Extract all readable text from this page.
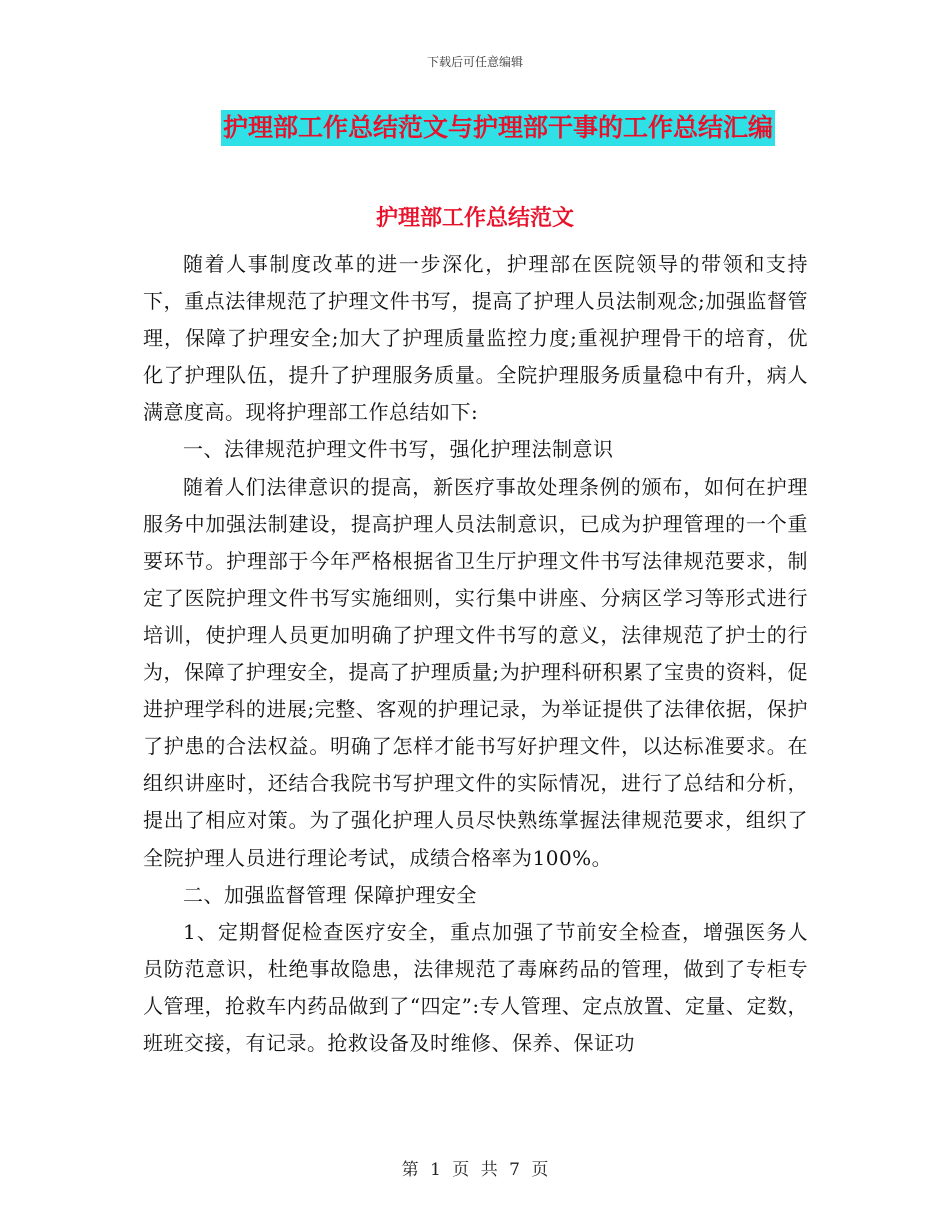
下载后可任意编辑
护理部工作总结范文与护理部干事的工作总结汇编
护理部工作总结范文

随着人事制度改革的进一步深化，护理部在医院领导的带领和支持下，重点法律规范了护理文件书写，提高了护理人员法制观念;加强监督管理，保障了护理安全;加大了护理质量监控力度;重视护理骨干的培育，优化了护理队伍，提升了护理服务质量。全院护理服务质量稳中有升，病人满意度高。现将护理部工作总结如下:

一、法律规范护理文件书写，强化护理法制意识

随着人们法律意识的提高，新医疗事故处理条例的颁布，如何在护理服务中加强法制建设，提高护理人员法制意识，已成为护理管理的一个重要环节。护理部于今年严格根据省卫生厅护理文件书写法律规范要求，制定了医院护理文件书写实施细则，实行集中讲座、分病区学习等形式进行培训，使护理人员更加明确了护理文件书写的意义，法律规范了护士的行为，保障了护理安全，提高了护理质量;为护理科研积累了宝贵的资料，促进护理学科的进展;完整、客观的护理记录，为举证提供了法律依据，保护了护患的合法权益。明确了怎样才能书写好护理文件，以达标准要求。在组织讲座时，还结合我院书写护理文件的实际情况，进行了总结和分析，提出了相应对策。为了强化护理人员尽快熟练掌握法律规范要求，组织了全院护理人员进行理论考试，成绩合格率为100%。

二、加强监督管理 保障护理安全

1、定期督促检查医疗安全，重点加强了节前安全检查，增强医务人员防范意识，杜绝事故隐患，法律规范了毒麻药品的管理，做到了专柜专人管理，抢救车内药品做到了“四定”:专人管理、定点放置、定量、定数，班班交接，有记录。抢救设备及时维修、保养、保证功

第 1 页 共 7 页
